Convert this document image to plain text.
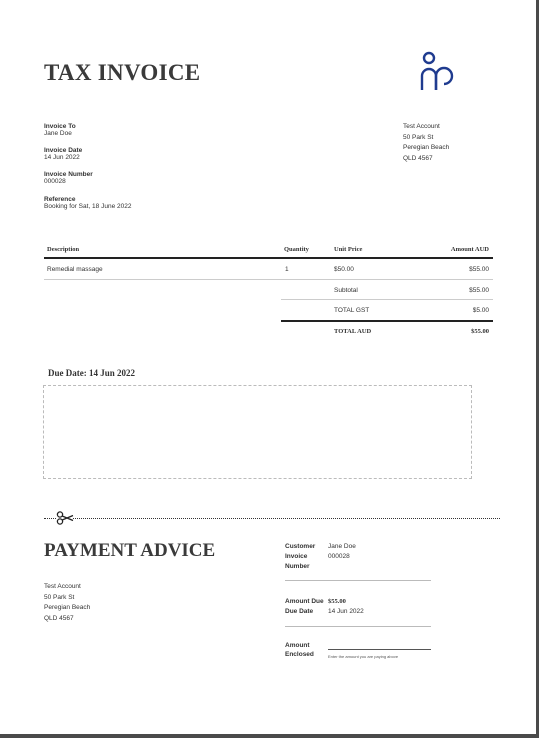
TAX INVOICE
Invoice To
Jane Doe
Invoice Date
14 Jun 2022
Invoice Number
000028
Reference
Booking for Sat, 18 June 2022
Test Account
50 Park St
Peregian Beach
QLD 4567
Description	Quantity	Unit Price	Amount AUD
Remedial massage	1	$50.00	$55.00
Subtotal	$55.00
TOTAL GST	$5.00
TOTAL AUD	$55.00
Due Date: 14 Jun 2022
PAYMENT ADVICE
Test Account
50 Park St
Peregian Beach
QLD 4567
Customer Jane Doe
Invoice	000028
Number
Amount Due $55.00
Due Date 14 Jun 2022
Amount
Enclosed	Enter the amount you are paying above
